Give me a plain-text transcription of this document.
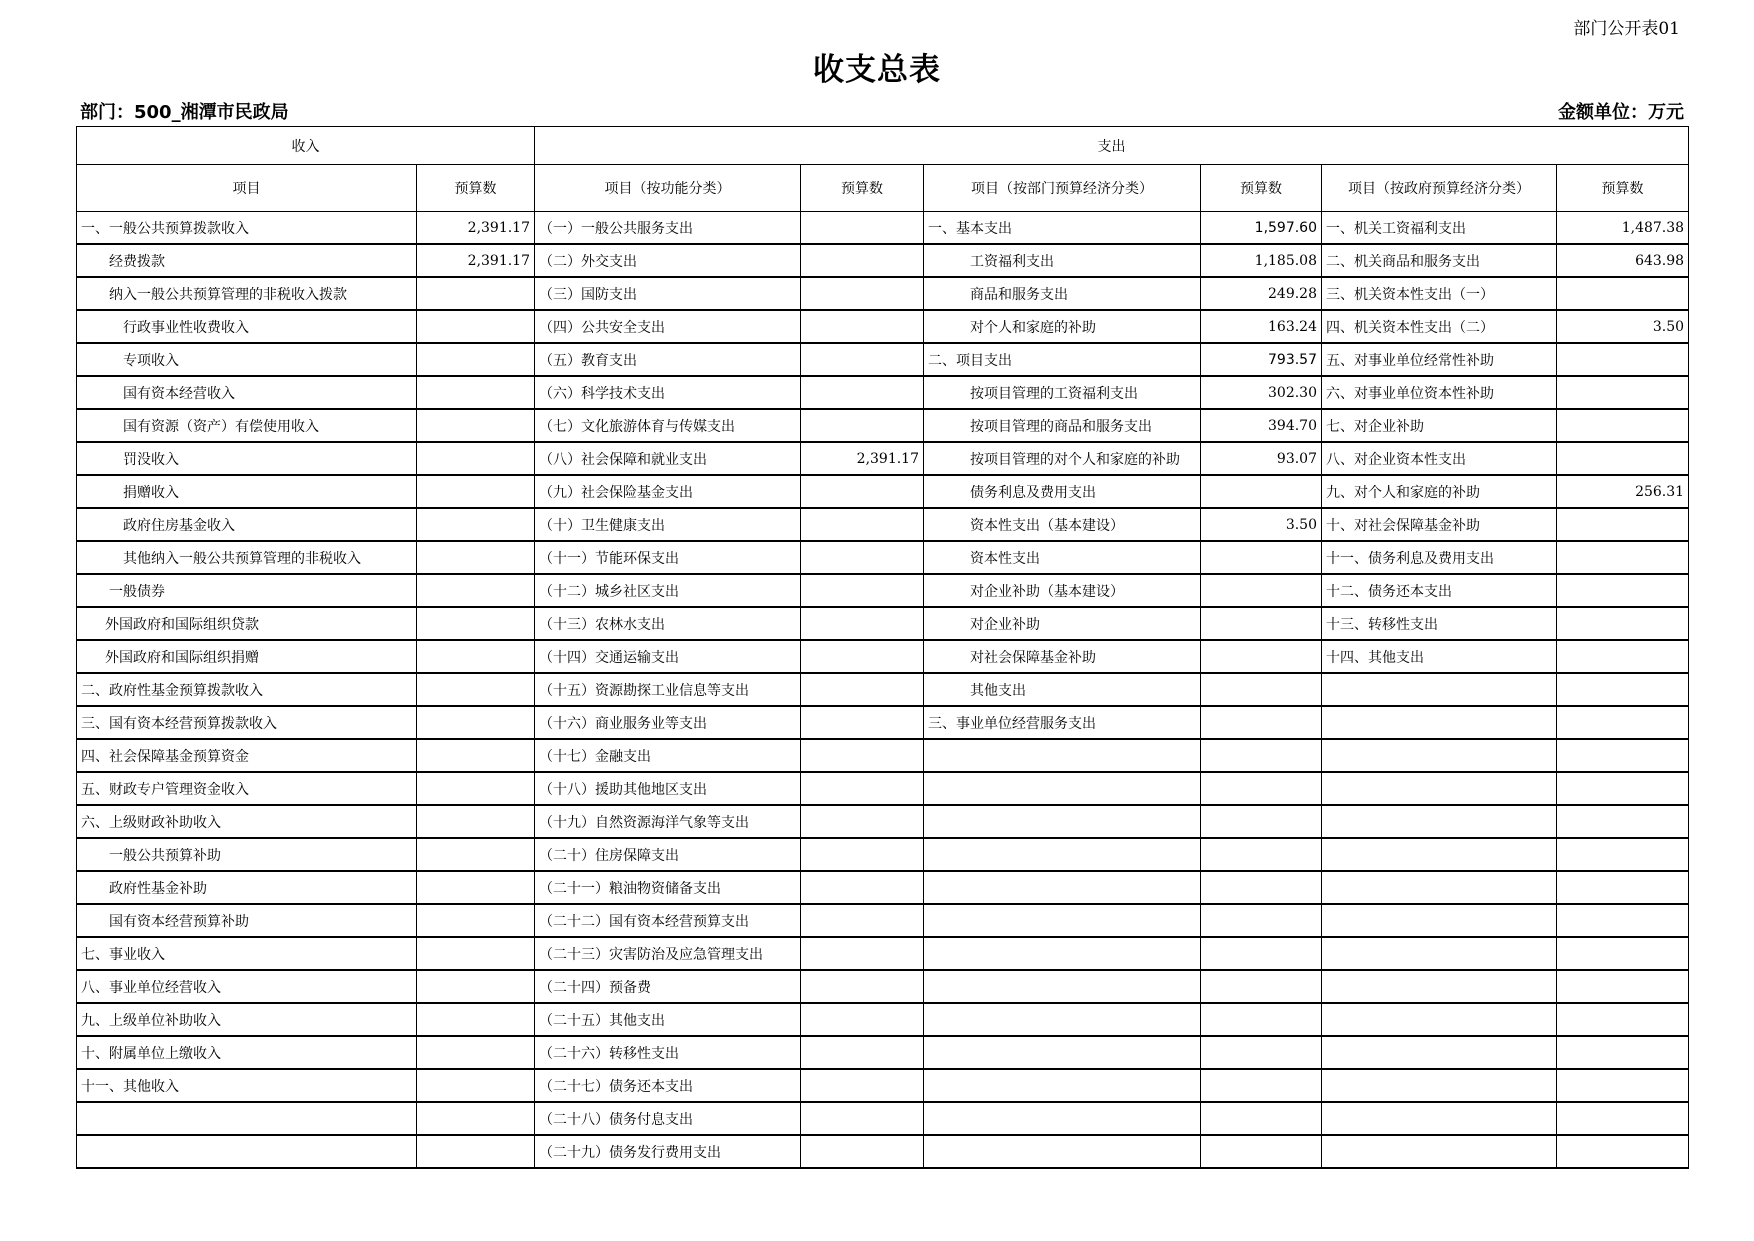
部门公开表01
收支总表
部门：500_湘潭市民政局	金额单位：万元
收入		支出					
项目	预算数	项目（按功能分类）	预算数	项目（按部门预算经济分类）	预算数	项目（按政府预算经济分类）	预算数
一、一般公共预算拨款收入	2,391.17	（一）一般公共服务支出		一、基本支出	1,597.60	一、机关工资福利支出	1,487.38
经费拨款	2,391.17	（二）外交支出		工资福利支出	1,185.08	二、机关商品和服务支出	643.98
纳入一般公共预算管理的非税收入拨款		（三）国防支出		商品和服务支出	249.28	三、机关资本性支出（一）	
行政事业性收费收入		（四）公共安全支出		对个人和家庭的补助	163.24	四、机关资本性支出（二）	3.50
专项收入		（五）教育支出		二、项目支出	793.57	五、对事业单位经常性补助	
国有资本经营收入		（六）科学技术支出		按项目管理的工资福利支出	302.30	六、对事业单位资本性补助	
国有资源（资产）有偿使用收入		（七）文化旅游体育与传媒支出		按项目管理的商品和服务支出	394.70	七、对企业补助	
罚没收入		（八）社会保障和就业支出	2,391.17	按项目管理的对个人和家庭的补助	93.07	八、对企业资本性支出	
捐赠收入		（九）社会保险基金支出		债务利息及费用支出		九、对个人和家庭的补助	256.31
政府住房基金收入		（十）卫生健康支出		资本性支出（基本建设）	3.50	十、对社会保障基金补助	
其他纳入一般公共预算管理的非税收入		（十一）节能环保支出		资本性支出		十一、债务利息及费用支出	
一般债券		（十二）城乡社区支出		对企业补助（基本建设）		十二、债务还本支出	
外国政府和国际组织贷款		（十三）农林水支出		对企业补助		十三、转移性支出	
外国政府和国际组织捐赠		（十四）交通运输支出		对社会保障基金补助		十四、其他支出	
二、政府性基金预算拨款收入		（十五）资源勘探工业信息等支出		其他支出			
三、国有资本经营预算拨款收入		（十六）商业服务业等支出		三、事业单位经营服务支出			
四、社会保障基金预算资金		（十七）金融支出					
五、财政专户管理资金收入		（十八）援助其他地区支出					
六、上级财政补助收入		（十九）自然资源海洋气象等支出					
一般公共预算补助		（二十）住房保障支出					
政府性基金补助		（二十一）粮油物资储备支出					
国有资本经营预算补助		（二十二）国有资本经营预算支出					
七、事业收入		（二十三）灾害防治及应急管理支出					
八、事业单位经营收入		（二十四）预备费					
九、上级单位补助收入		（二十五）其他支出					
十、附属单位上缴收入		（二十六）转移性支出					
十一、其他收入		（二十七）债务还本支出					
		（二十八）债务付息支出					
		（二十九）债务发行费用支出					
